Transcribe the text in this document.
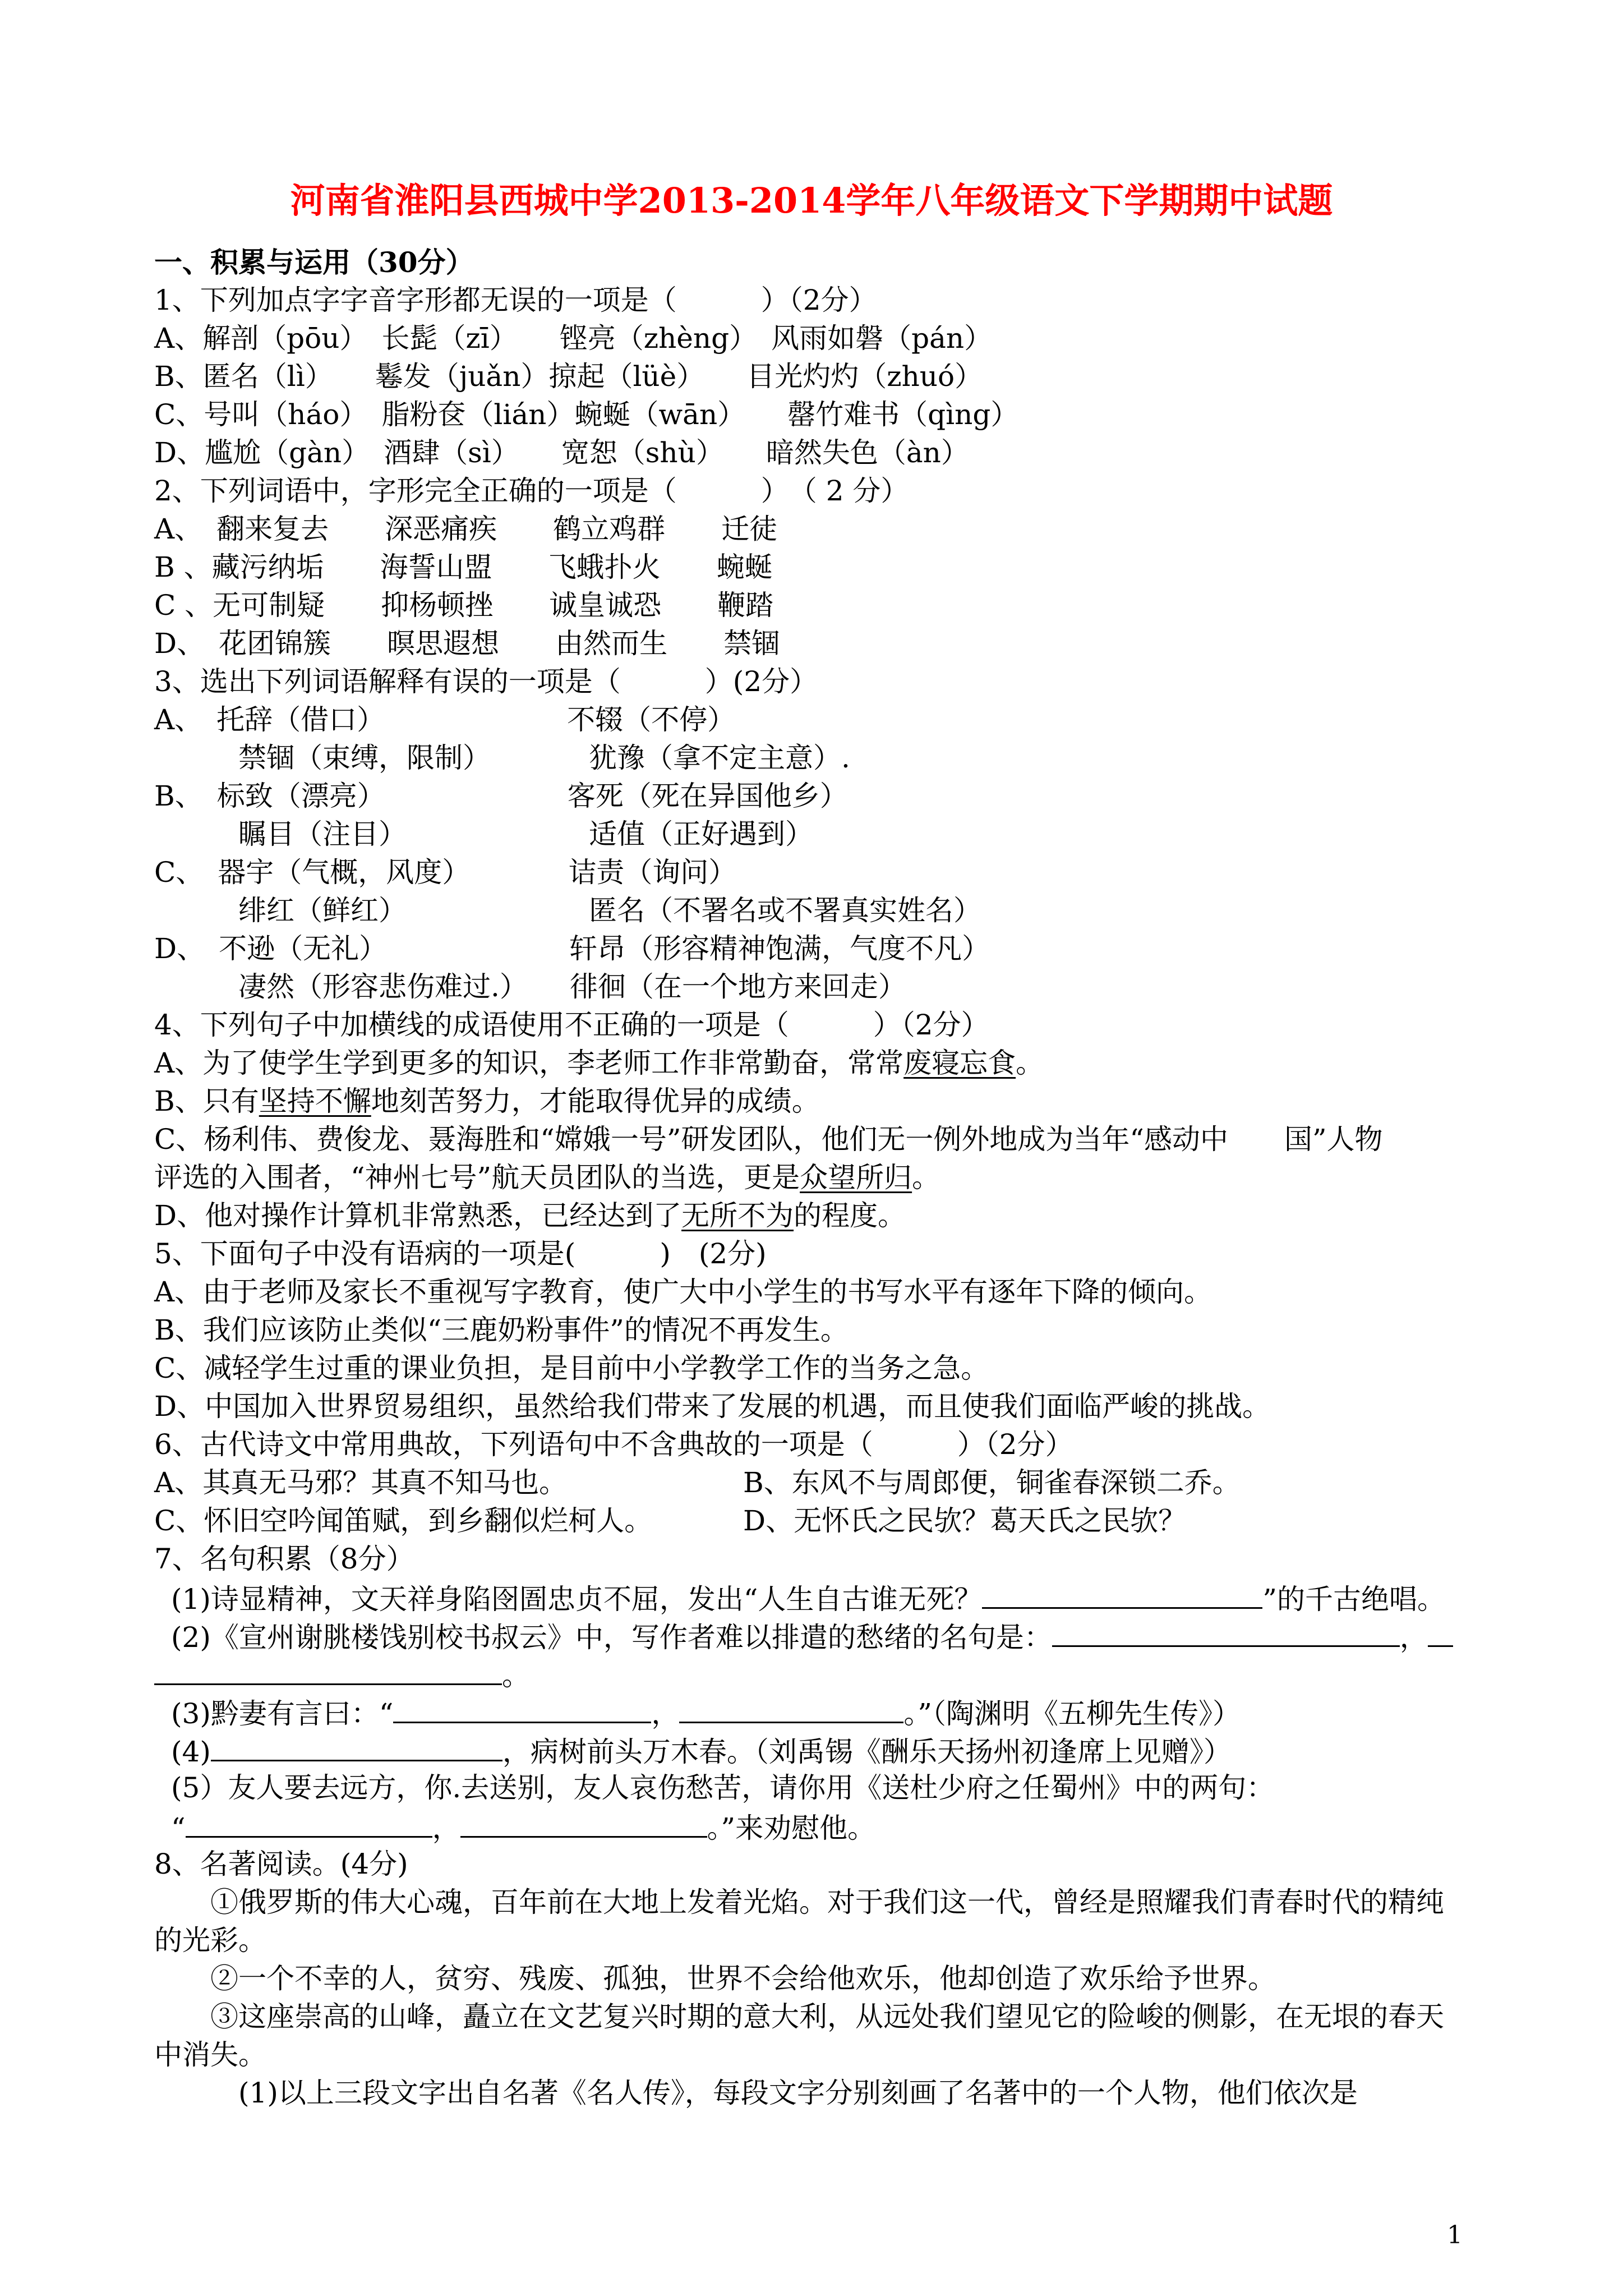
河南省淮阳县西城中学2013-2014学年八年级语文下学期期中试题
一、积累与运用（30分）
1、下列加点字字音字形都无误的一项是（　　　）（2分）
A、解剖（pōu）　长髭（zī）　　铿亮（zhèng）　风雨如磐（pán）
B、匿名（lì）　　鬈发（juǎn）掠起（lüè）　　目光灼灼（zhuó）
C、号叫（háo）　脂粉奁（lián）蜿蜒（wān）　　罄竹难书（qìng）
D、尴尬（gàn）　酒肆（sì）　　宽恕（shù）　　暗然失色（àn）
2、下列词语中，字形完全正确的一项是（　　　）　（ 2 分）
A、　翻来复去　　深恶痛疾　　鹤立鸡群　　迁徒
B 、藏污纳垢　　海誓山盟　　飞蛾扑火　　蜿蜒
C 、无可制疑　　抑杨顿挫　　诚皇诚恐　　鞭踏
D、　花团锦簇　　暝思遐想　　由然而生　　禁锢
3、选出下列词语解释有误的一项是（　　　）(2分）
A、　托辞（借口）　　　　　　　不辍（不停）
　　　禁锢（束缚，限制）　　　　犹豫（拿不定主意）.
B、　标致（漂亮）　　　　　　　客死（死在异国他乡）
　　　瞩目（注目）　　　　　　　适值（正好遇到）
C、　器宇（气概，风度）　　　　诘责（询问）
　　　绯红（鲜红）　　　　　　　匿名（不署名或不署真实姓名）
D、　不逊（无礼）　　　　　　　轩昂（形容精神饱满，气度不凡）
　　　凄然（形容悲伤难过.）　　徘徊（在一个地方来回走）
4、下列句子中加横线的成语使用不正确的一项是（　　　）（2分）
A、为了使学生学到更多的知识，李老师工作非常勤奋，常常废寝忘食。
B、只有坚持不懈地刻苦努力，才能取得优异的成绩。
C、杨利伟、费俊龙、聂海胜和“嫦娥一号”研发团队，他们无一例外地成为当年“感动中　　国”人物
评选的入围者，“神州七号”航天员团队的当选，更是众望所归。
D、他对操作计算机非常熟悉，已经达到了无所不为的程度。
5、下面句子中没有语病的一项是(　　　)　(2分)
A、由于老师及家长不重视写字教育，使广大中小学生的书写水平有逐年下降的倾向。
B、我们应该防止类似“三鹿奶粉事件”的情况不再发生。
C、减轻学生过重的课业负担，是目前中小学教学工作的当务之急。
D、中国加入世界贸易组织，虽然给我们带来了发展的机遇，而且使我们面临严峻的挑战。
6、古代诗文中常用典故，下列语句中不含典故的一项是（　　　）（2分）
A、其真无马邪？其真不知马也。	B、东风不与周郎便，铜雀春深锁二乔。
C、怀旧空吟闻笛赋，到乡翻似烂柯人。	D、无怀氏之民欤？葛天氏之民欤？
7、名句积累（8分）
(1)诗显精神，文天祥身陷囹圄忠贞不屈，发出“人生自古谁无死？	”的千古绝唱。
(2)《宣州谢朓楼饯别校书叔云》中，写作者难以排遣的愁绪的名句是：	，
。
(3)黔妻有言曰：“	，	。”（陶渊明《五柳先生传》）
(4)	，病树前头万木春。（刘禹锡《酬乐天扬州初逢席上见赠》）
(5）友人要去远方，你.去送别，友人哀伤愁苦，请你用《送杜少府之任蜀州》中的两句：
“	，	。”来劝慰他。
8、名著阅读。(4分)
①俄罗斯的伟大心魂，百年前在大地上发着光焰。对于我们这一代，曾经是照耀我们青春时代的精纯
的光彩。
②一个不幸的人，贫穷、残废、孤独，世界不会给他欢乐，他却创造了欢乐给予世界。
③这座崇高的山峰，矗立在文艺复兴时期的意大利，从远处我们望见它的险峻的侧影，在无垠的春天
中消失。
(1)以上三段文字出自名著《名人传》，每段文字分别刻画了名著中的一个人物，他们依次是
1
